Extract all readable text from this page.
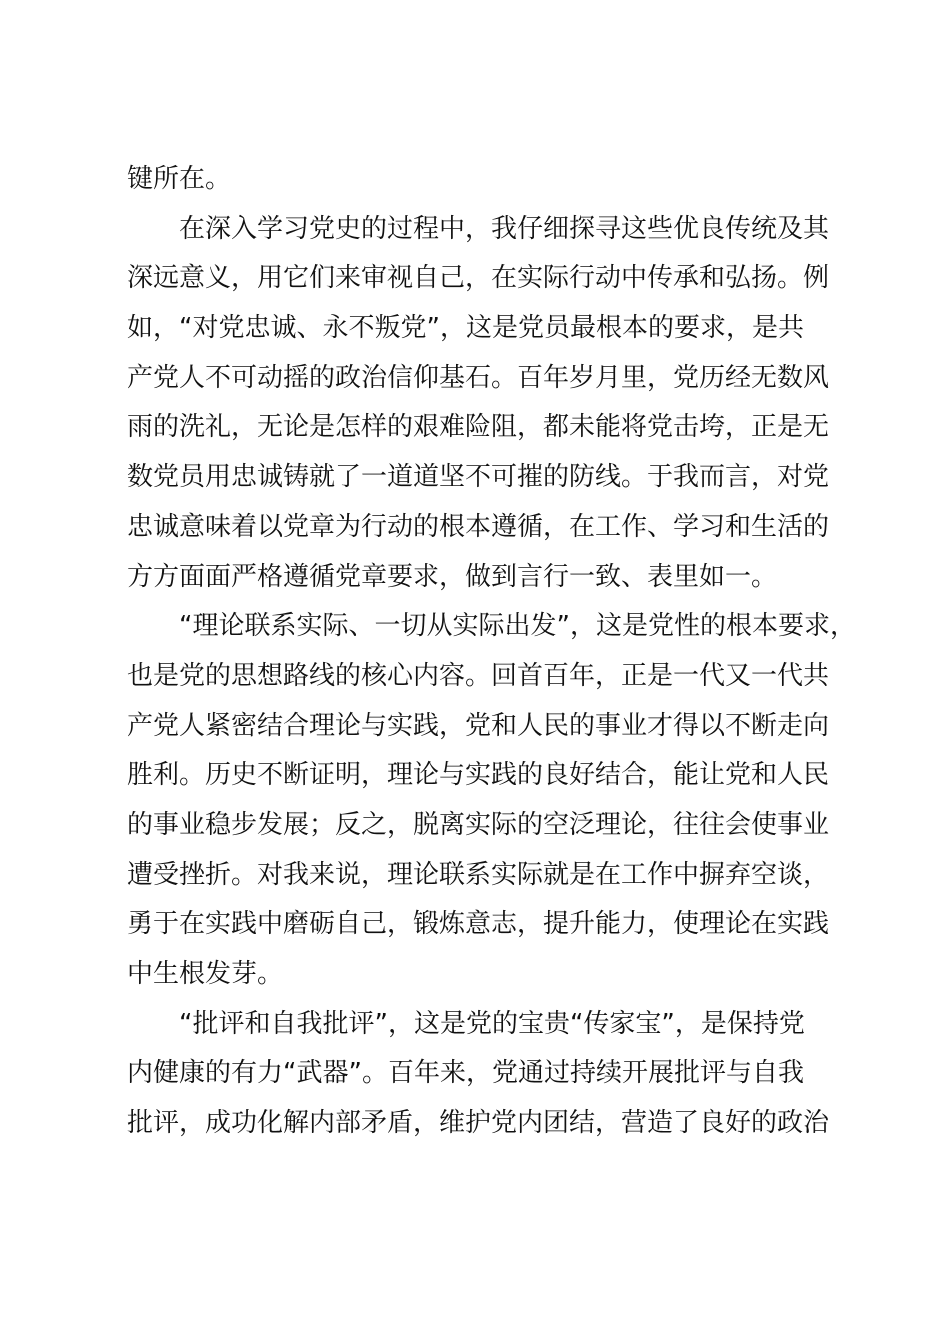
键所在。
　　在深入学习党史的过程中，我仔细探寻这些优良传统及其
深远意义，用它们来审视自己，在实际行动中传承和弘扬。例
如，“对党忠诚、永不叛党”，这是党员最根本的要求，是共
产党人不可动摇的政治信仰基石。百年岁月里，党历经无数风
雨的洗礼，无论是怎样的艰难险阻，都未能将党击垮，正是无
数党员用忠诚铸就了一道道坚不可摧的防线。于我而言，对党
忠诚意味着以党章为行动的根本遵循，在工作、学习和生活的
方方面面严格遵循党章要求，做到言行一致、表里如一。
　　“理论联系实际、一切从实际出发”，这是党性的根本要求，
也是党的思想路线的核心内容。回首百年，正是一代又一代共
产党人紧密结合理论与实践，党和人民的事业才得以不断走向
胜利。历史不断证明，理论与实践的良好结合，能让党和人民
的事业稳步发展；反之，脱离实际的空泛理论，往往会使事业
遭受挫折。对我来说，理论联系实际就是在工作中摒弃空谈，
勇于在实践中磨砺自己，锻炼意志，提升能力，使理论在实践
中生根发芽。
　　“批评和自我批评”，这是党的宝贵“传家宝”，是保持党
内健康的有力“武器”。百年来，党通过持续开展批评与自我
批评，成功化解内部矛盾，维护党内团结，营造了良好的政治
